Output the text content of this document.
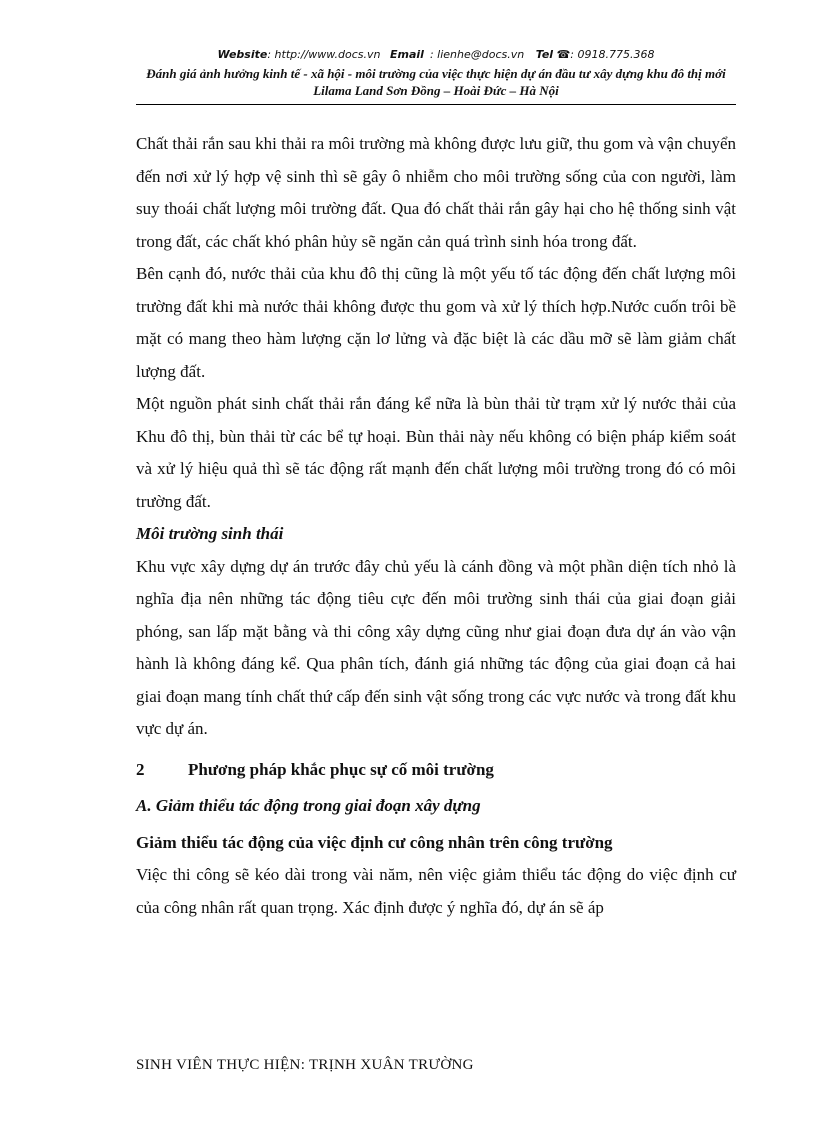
Website: http://www.docs.vn Email : lienhe@docs.vn Tel ☎: 0918.775.368
Đánh giá ảnh hưởng kinh tế - xã hội - môi trường của việc thực hiện dự án đầu tư xây dựng khu đô thị mới Lilama Land Sơn Đồng – Hoài Đức – Hà Nội

Chất thải rắn sau khi thải ra môi trường mà không được lưu giữ, thu gom và vận chuyển đến nơi xử lý hợp vệ sinh thì sẽ gây ô nhiễm cho môi trường sống của con người, làm suy thoái chất lượng môi trường đất. Qua đó chất thải rắn gây hại cho hệ thống sinh vật trong đất, các chất khó phân hủy sẽ ngăn cản quá trình sinh hóa trong đất.

Bên cạnh đó, nước thải của khu đô thị cũng là một yếu tố tác động đến chất lượng môi trường đất khi mà nước thải không được thu gom và xử lý thích hợp.Nước cuốn trôi bề mặt có mang theo hàm lượng cặn lơ lửng và đặc biệt là các dầu mỡ sẽ làm giảm chất lượng đất.

Một nguồn phát sinh chất thải rắn đáng kể nữa là bùn thải từ trạm xử lý nước thải của Khu đô thị, bùn thải từ các bể tự hoại. Bùn thải này nếu không có biện pháp kiểm soát và xử lý hiệu quả thì sẽ tác động rất mạnh đến chất lượng môi trường trong đó có môi trường đất.

Môi trường sinh thái

Khu vực xây dựng dự án trước đây chủ yếu là cánh đồng và một phần diện tích nhỏ là nghĩa địa nên những tác động tiêu cực đến môi trường sinh thái của giai đoạn giải phóng, san lấp mặt bằng và thi công xây dựng cũng như giai đoạn đưa dự án vào vận hành là không đáng kể. Qua phân tích, đánh giá những tác động của giai đoạn cả hai giai đoạn mang tính chất thứ cấp đến sinh vật sống trong các vực nước và trong đất khu vực dự án.

2	Phương pháp khắc phục sự cố môi trường

A. Giảm thiểu tác động trong giai đoạn xây dựng

Giảm thiểu tác động của việc định cư công nhân trên công trường

Việc thi công sẽ kéo dài trong vài năm, nên việc giảm thiểu tác động do việc định cư của công nhân rất quan trọng. Xác định được ý nghĩa đó, dự án sẽ áp

SINH VIÊN THỰC HIỆN: TRỊNH XUÂN TRƯỜNG
